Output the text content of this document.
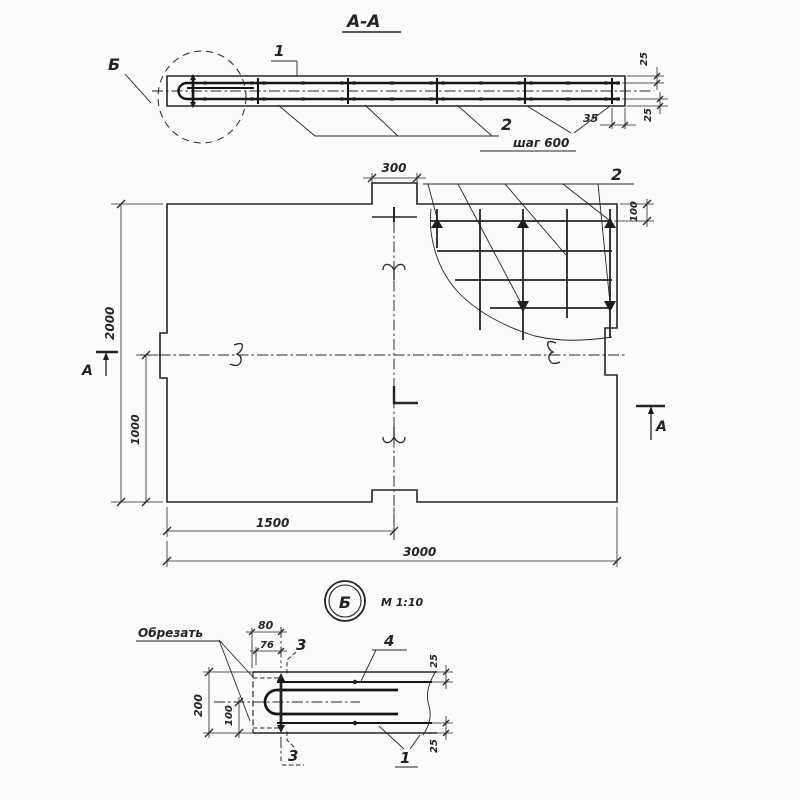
А-А
Б
1
2
шаг 600
35
25
25
2
300
100
2000
1000
1500
3000
А
А
Б	М 1:10
Обрезать
80
76
200 100
25
25
3
3
4
1
